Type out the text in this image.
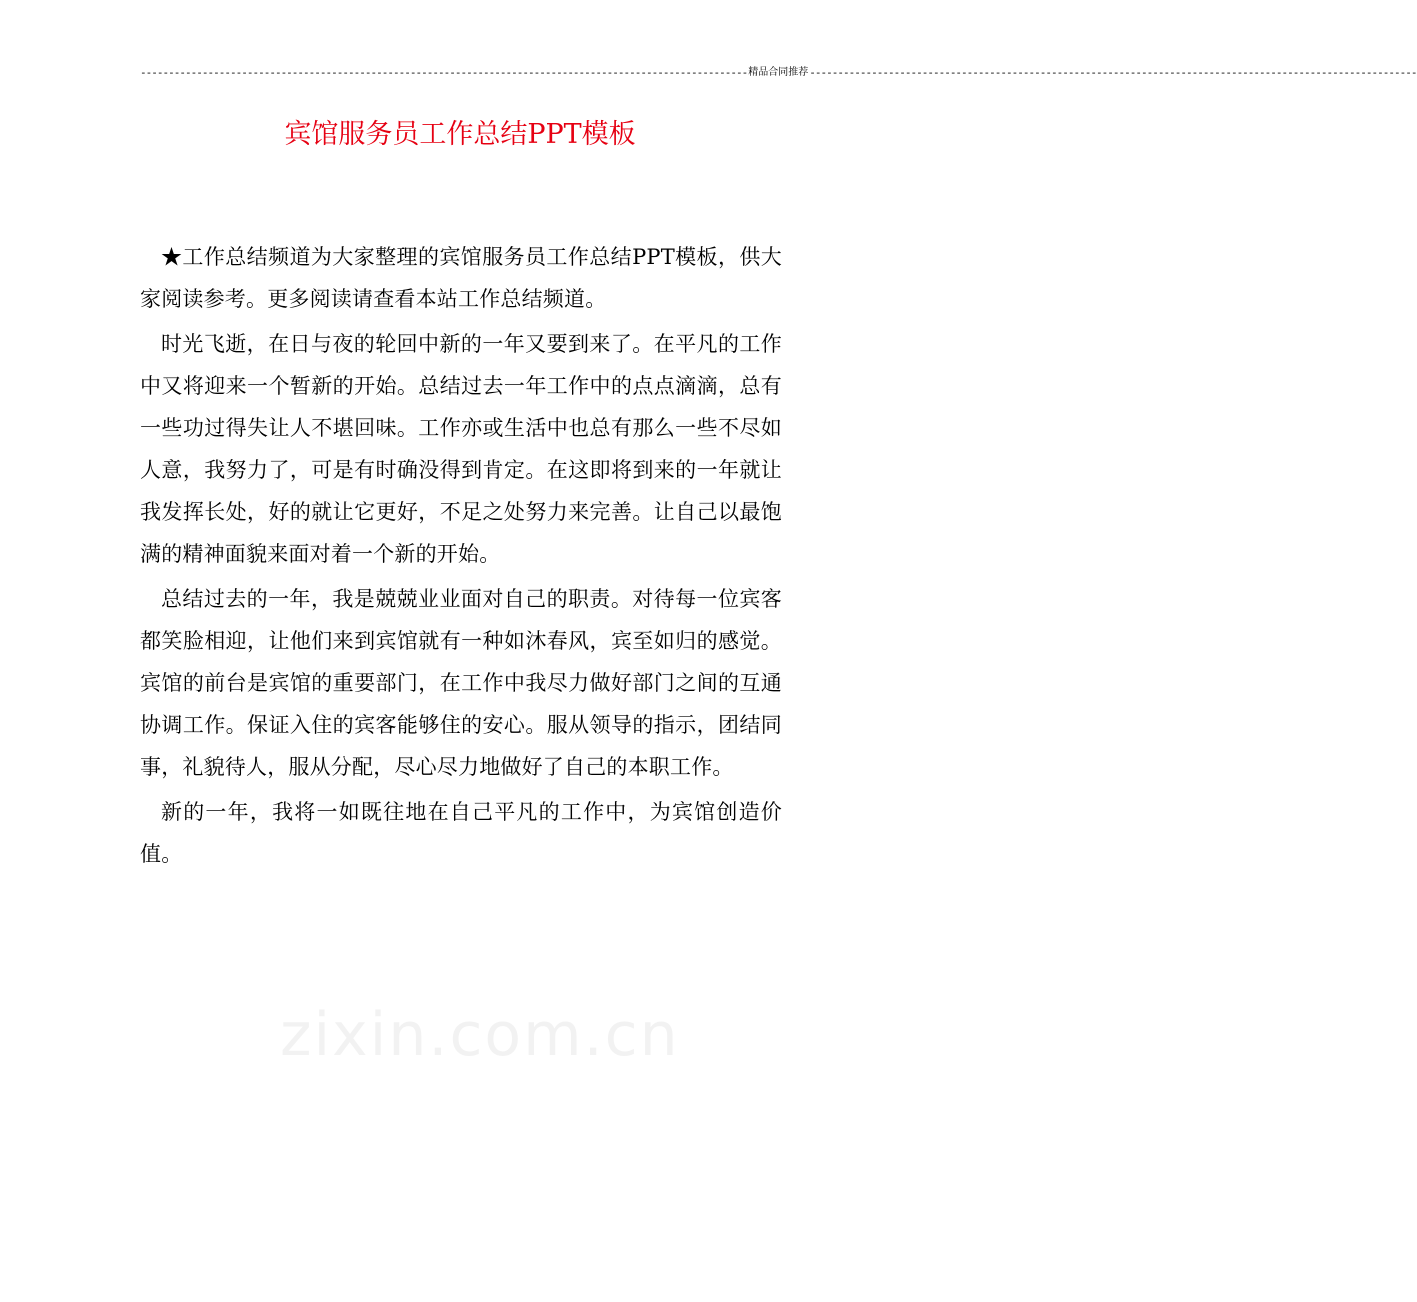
------------------------------------------------------------------------------------------------------------ 精品合同推荐 ------------------------------------------------------------------------------------------------------------
宾馆服务员工作总结PPT模板

★工作总结频道为大家整理的宾馆服务员工作总结PPT模板，供大家阅读参考。更多阅读请查看本站工作总结频道。

时光飞逝，在日与夜的轮回中新的一年又要到来了。在平凡的工作中又将迎来一个暂新的开始。总结过去一年工作中的点点滴滴，总有一些功过得失让人不堪回味。工作亦或生活中也总有那么一些不尽如人意，我努力了，可是有时确没得到肯定。在这即将到来的一年就让我发挥长处，好的就让它更好，不足之处努力来完善。让自己以最饱满的精神面貌来面对着一个新的开始。

总结过去的一年，我是兢兢业业面对自己的职责。对待每一位宾客都笑脸相迎，让他们来到宾馆就有一种如沐春风，宾至如归的感觉。宾馆的前台是宾馆的重要部门，在工作中我尽力做好部门之间的互通协调工作。保证入住的宾客能够住的安心。服从领导的指示，团结同事，礼貌待人，服从分配，尽心尽力地做好了自己的本职工作。

新的一年，我将一如既往地在自己平凡的工作中，为宾馆创造价值。

zixin.com.cn
